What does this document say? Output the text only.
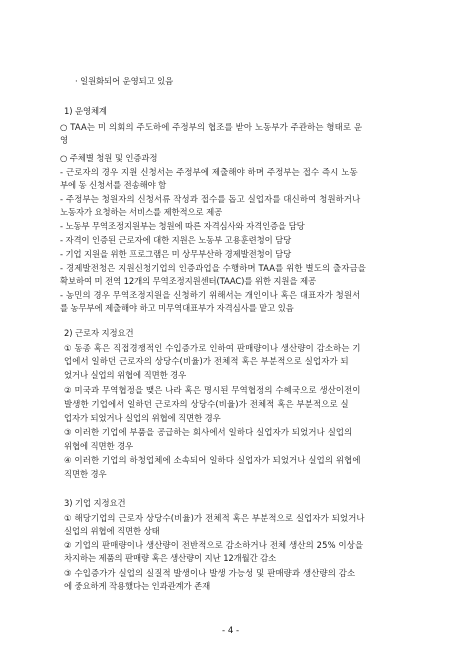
· 일원화되어 운영되고 있음
1) 운영체계
○ TAA는 미 의회의 주도하에 주정부의 협조를 받아 노동부가 주관하는 형태로 운
영
○ 주체별 청원 및 인증과정
- 근로자의 경우 지원 신청서는 주정부에 제출해야 하며 주정부는 접수 즉시 노동
부에 동 신청서를 전송해야 함
- 주정부는 청원자의 신청서류 작성과 접수를 돕고 실업자를 대신하여 청원하거나
노동자가 요청하는 서비스를 제한적으로 제공
- 노동부 무역조정지원부는 청원에 따른 자격심사와 자격인증을 담당
- 자격이 인증된 근로자에 대한 지원은 노동부 고용훈련청이 담당
- 기업 지원을 위한 프로그램은 미 상무부산하 경제발전청이 담당
- 경제발전청은 지원신청기업의 인증과업을 수행하며 TAA를 위한 별도의 출자금을
확보하여 미 전역 12개의 무역조정지원센터(TAAC)를 위한 지원을 제공
- 농민의 경우 무역조정지원을 신청하기 위해서는 개인이나 혹은 대표자가 청원서
를 농무부에 제출해야 하고 미무역대표부가 자격심사를 맡고 있음
2) 근로자 지정요건
① 동종 혹은 직접경쟁적인 수입증가로 인하여 판매량이나 생산량이 감소하는 기
업에서 일하던 근로자의 상당수(비율)가 전체적 혹은 부분적으로 실업자가 되
었거나 실업의 위협에 직면한 경우
② 미국과 무역협정을 맺은 나라 혹은 명시된 무역협정의 수혜국으로 생산이전이
발생한 기업에서 일하던 근로자의 상당수(비율)가 전체적 혹은 부분적으로 실
업자가 되었거나 실업의 위협에 직면한 경우
③ 이러한 기업에 부품을 공급하는 회사에서 일하다 실업자가 되었거나 실업의
위협에 직면한 경우
④ 이러한 기업의 하청업체에 소속되어 일하다 실업자가 되었거나 실업의 위협에
직면한 경우
3) 기업 지정요건
① 해당기업의 근로자 상당수(비율)가 전체적 혹은 부분적으로 실업자가 되었거나
실업의 위협에 직면한 상태
② 기업의 판매량이나 생산량이 전반적으로 감소하거나 전체 생산의 25% 이상을
차지하는 제품의 판매량 혹은 생산량이 지난 12개월간 감소
③ 수입증가가 실업의 실질적 발생이나 발생 가능성 및 판매량과 생산량의 감소
에 중요하게 작용했다는 인과관계가 존재
- 4 -
